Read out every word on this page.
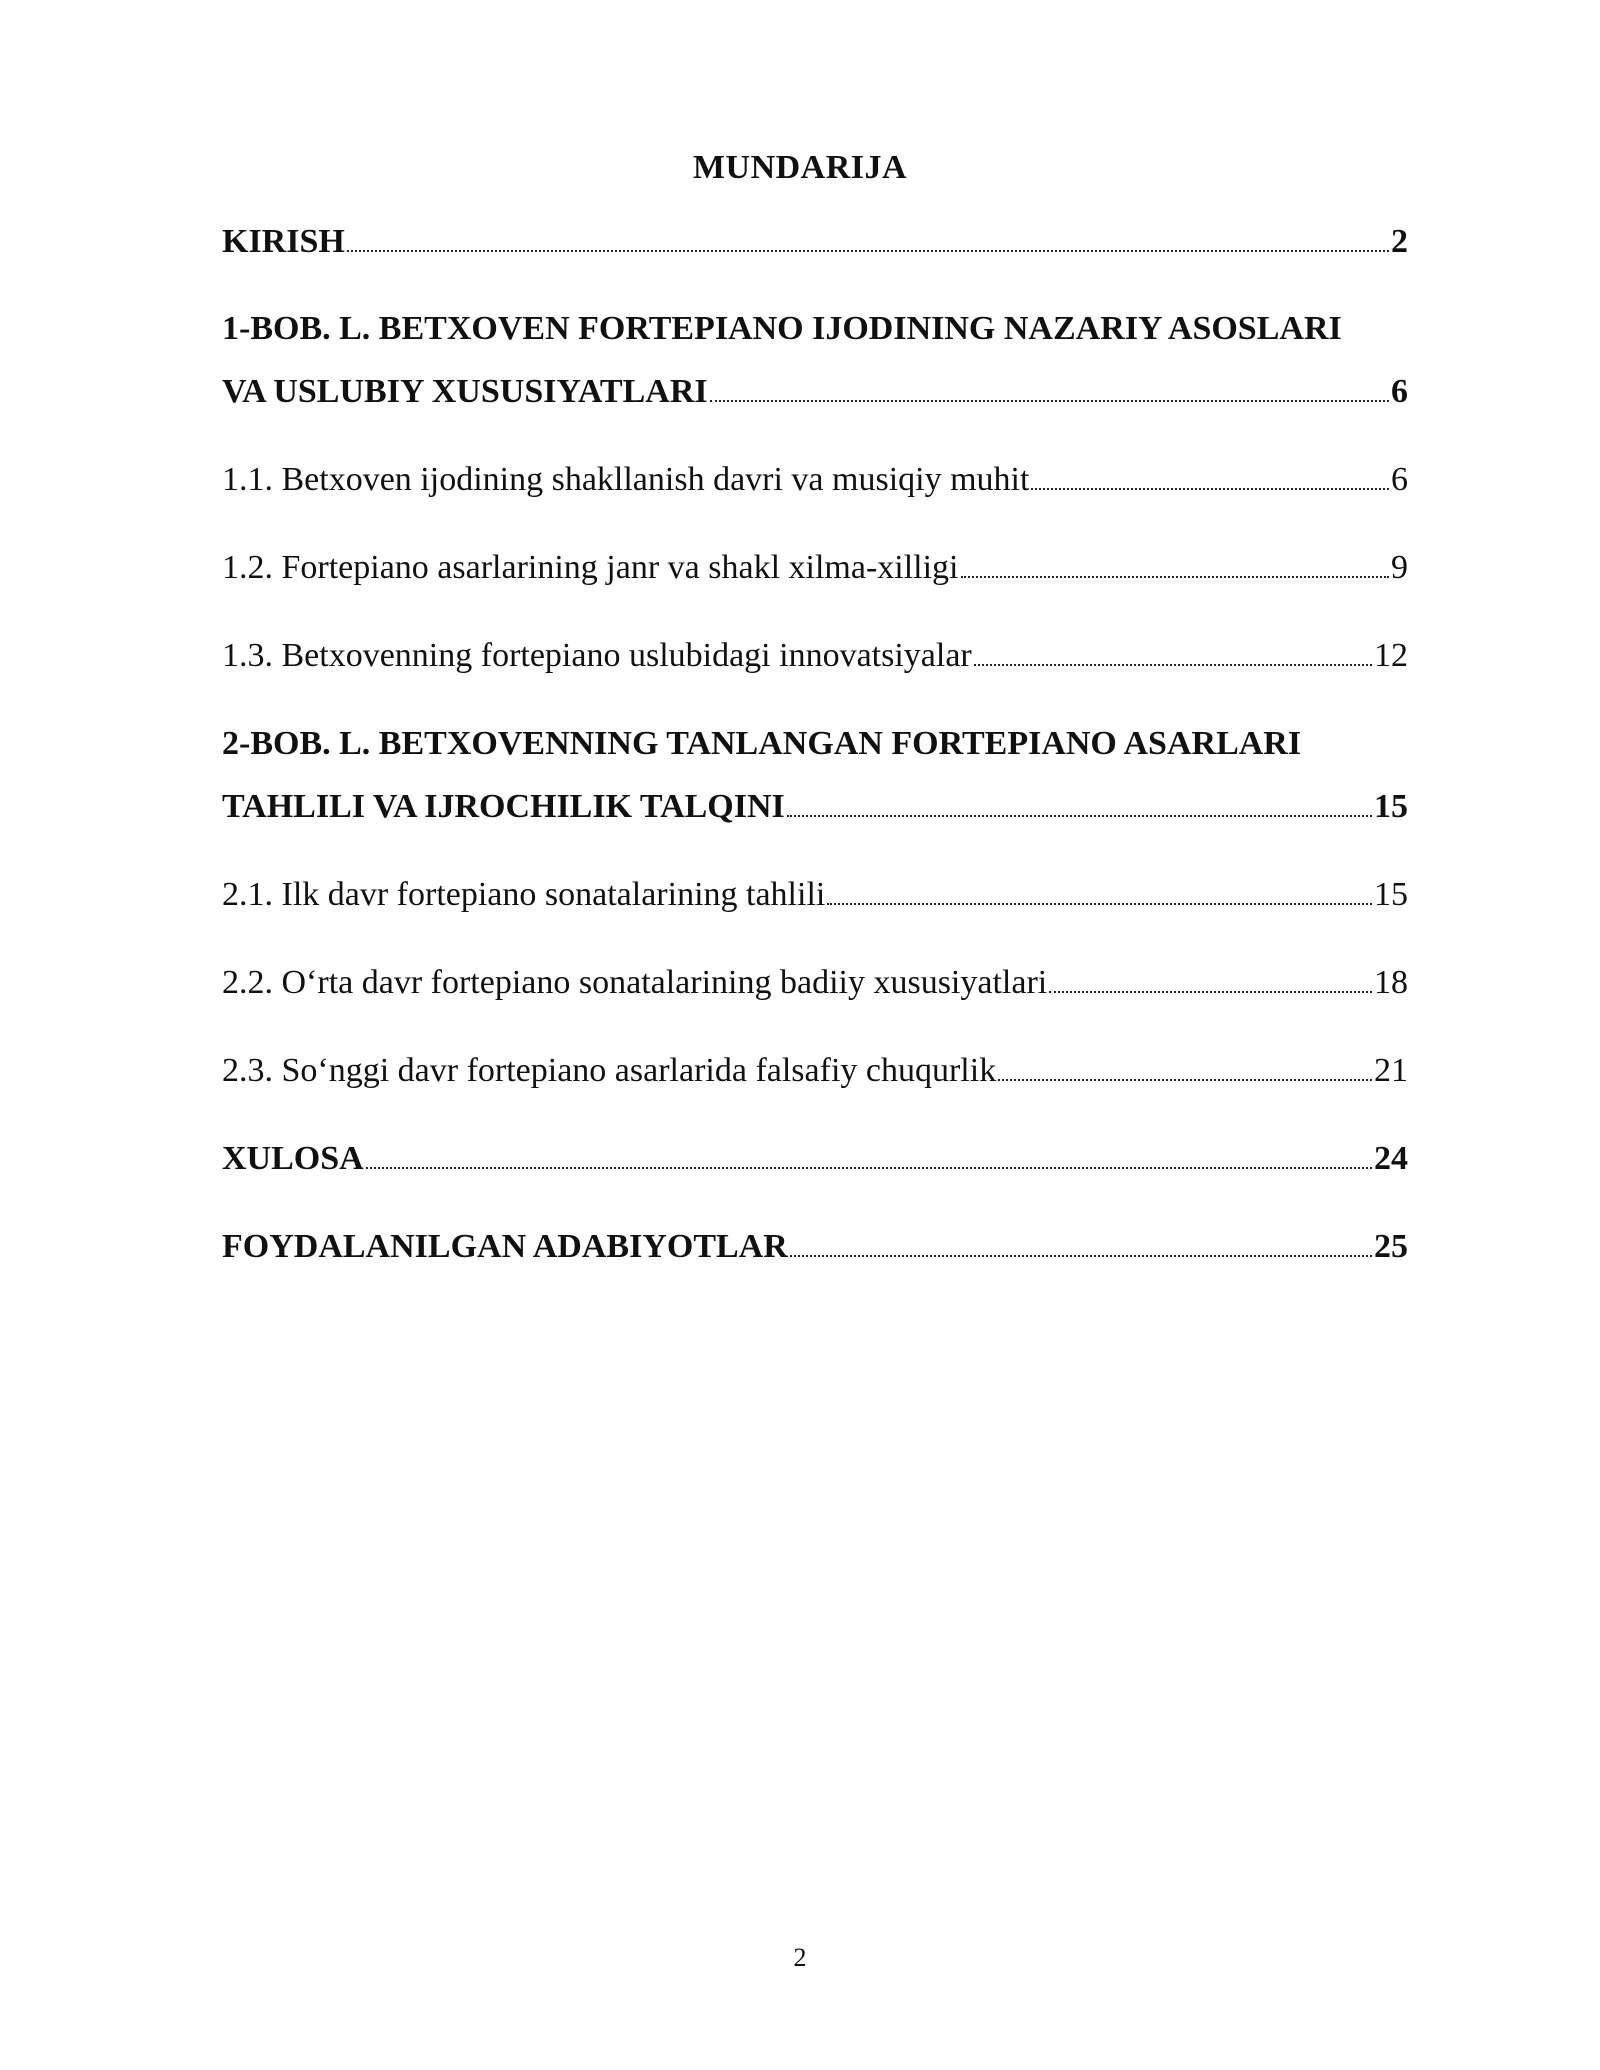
MUNDARIJA
KIRISH	2
1-BOB. L. BETXOVEN FORTEPIANO IJODINING NAZARIY ASOSLARI
VA USLUBIY XUSUSIYATLARI	6
1.1. Betxoven ijodining shakllanish davri va musiqiy muhit	6
1.2. Fortepiano asarlarining janr va shakl xilma-xilligi	9
1.3. Betxovenning fortepiano uslubidagi innovatsiyalar	12
2-BOB. L. BETXOVENNING TANLANGAN FORTEPIANO ASARLARI
TAHLILI VA IJROCHILIK TALQINI	15
2.1. Ilk davr fortepiano sonatalarining tahlili	15
2.2. O‘rta davr fortepiano sonatalarining badiiy xususiyatlari	18
2.3. So‘nggi davr fortepiano asarlarida falsafiy chuqurlik	21
XULOSA	24
FOYDALANILGAN ADABIYOTLAR	25
2
